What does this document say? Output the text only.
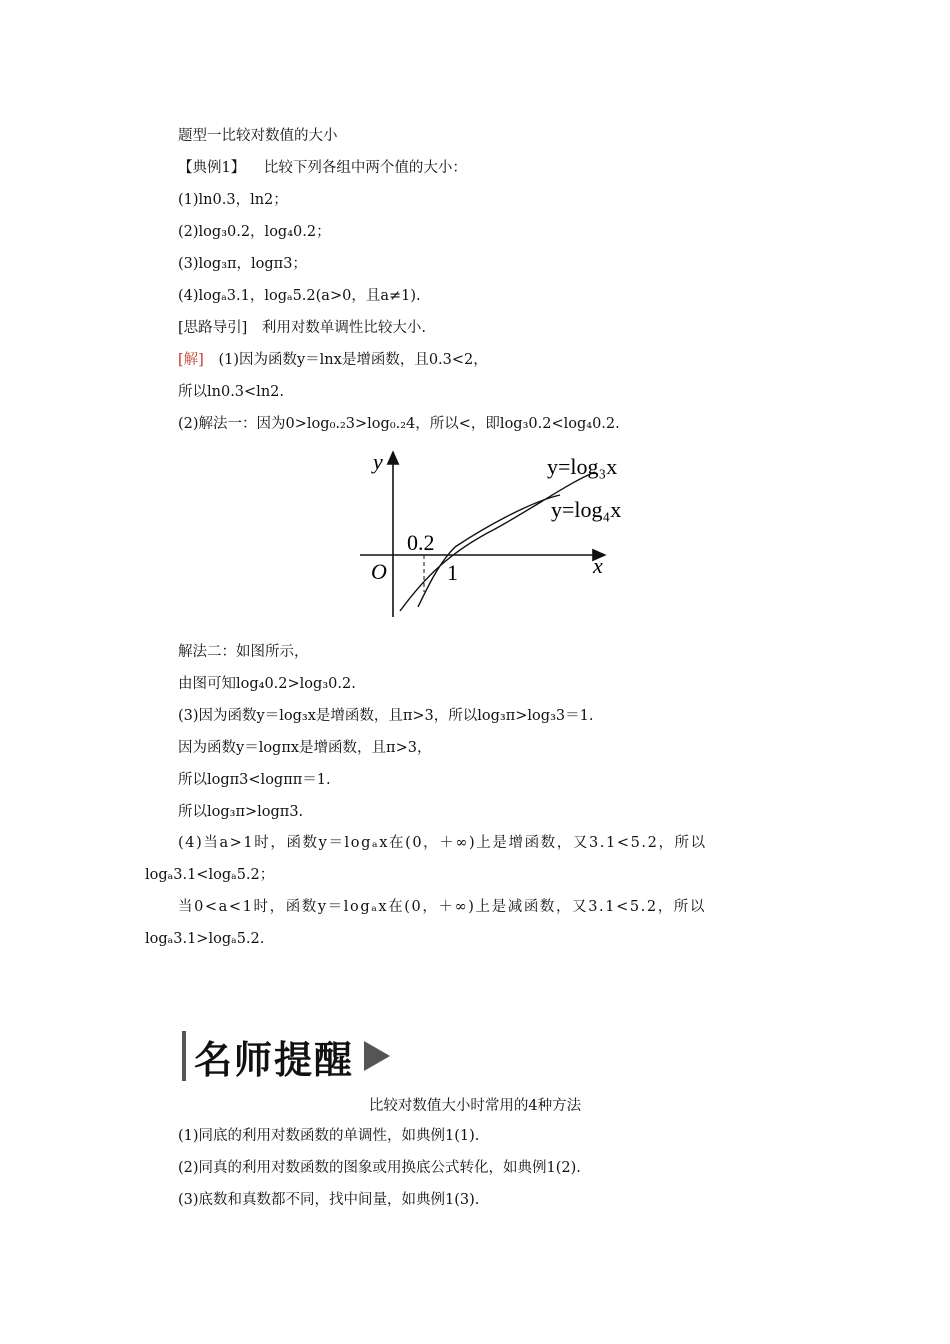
题型一比较对数值的大小
【典例1】 比较下列各组中两个值的大小：
(1)ln0.3，ln2；
(2)log₃0.2，log₄0.2；
(3)log₃π，logπ3；
(4)logₐ3.1，logₐ5.2(a>0，且a≠1).
[思路导引]　利用对数单调性比较大小.
[解] (1)因为函数y＝lnx是增函数，且0.3<2，
所以ln0.3<ln2.
(2)解法一：因为0>log₀.₂3>log₀.₂4，所以<，即log₃0.2<log₄0.2.
y
x
O	1
0.2
y=log₃x
y=log₄x
解法二：如图所示，
由图可知log₄0.2>log₃0.2.
(3)因为函数y＝log₃x是增函数，且π>3，所以log₃π>log₃3＝1.
因为函数y＝logπx是增函数，且π>3，
所以logπ3<logππ＝1.
所以log₃π>logπ3.
(4)当a>1时，函数y＝logₐx在(0，＋∞)上是增函数，又3.1<5.2，所以
logₐ3.1<logₐ5.2；
当0<a<1时，函数y＝logₐx在(0，＋∞)上是减函数，又3.1<5.2，所以
logₐ3.1>logₐ5.2.
名师提醒
比较对数值大小时常用的4种方法
(1)同底的利用对数函数的单调性，如典例1(1).
(2)同真的利用对数函数的图象或用换底公式转化，如典例1(2).
(3)底数和真数都不同，找中间量，如典例1(3).
